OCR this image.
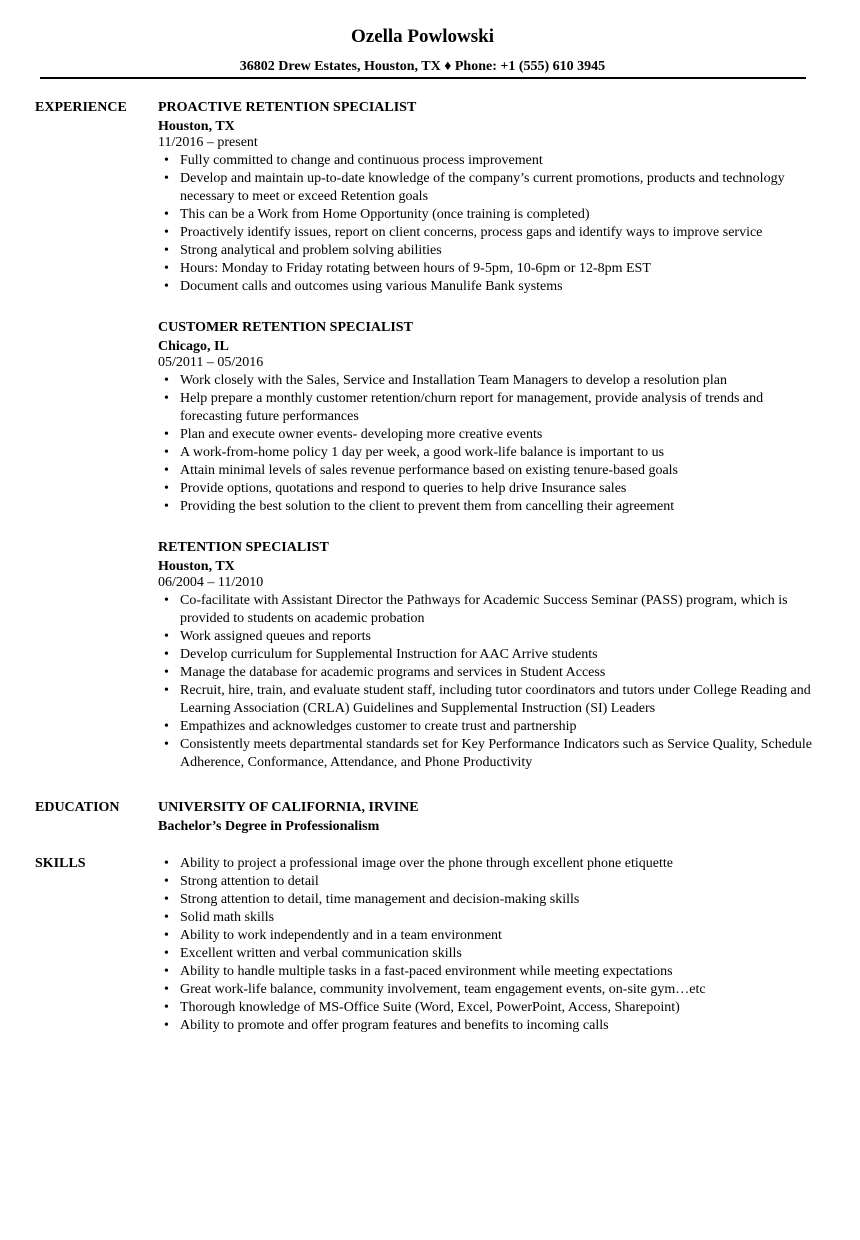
Ozella Powlowski
36802 Drew Estates, Houston, TX ♦ Phone: +1 (555) 610 3945
EXPERIENCE PROACTIVE RETENTION SPECIALIST
Houston, TX
11/2016 – present
• Fully committed to change and continuous process improvement
• Develop and maintain up-to-date knowledge of the company’s current promotions, products and technology necessary to meet or exceed Retention goals
• This can be a Work from Home Opportunity (once training is completed)
• Proactively identify issues, report on client concerns, process gaps and identify ways to improve service
• Strong analytical and problem solving abilities
• Hours: Monday to Friday rotating between hours of 9-5pm, 10-6pm or 12-8pm EST
• Document calls and outcomes using various Manulife Bank systems
CUSTOMER RETENTION SPECIALIST
Chicago, IL
05/2011 – 05/2016
• Work closely with the Sales, Service and Installation Team Managers to develop a resolution plan
• Help prepare a monthly customer retention/churn report for management, provide analysis of trends and forecasting future performances
• Plan and execute owner events- developing more creative events
• A work-from-home policy 1 day per week, a good work-life balance is important to us
• Attain minimal levels of sales revenue performance based on existing tenure-based goals
• Provide options, quotations and respond to queries to help drive Insurance sales
• Providing the best solution to the client to prevent them from cancelling their agreement
RETENTION SPECIALIST
Houston, TX
06/2004 – 11/2010
• Co-facilitate with Assistant Director the Pathways for Academic Success Seminar (PASS) program, which is provided to students on academic probation
• Work assigned queues and reports
• Develop curriculum for Supplemental Instruction for AAC Arrive students
• Manage the database for academic programs and services in Student Access
• Recruit, hire, train, and evaluate student staff, including tutor coordinators and tutors under College Reading and Learning Association (CRLA) Guidelines and Supplemental Instruction (SI) Leaders
• Empathizes and acknowledges customer to create trust and partnership
• Consistently meets departmental standards set for Key Performance Indicators such as Service Quality, Schedule Adherence, Conformance, Attendance, and Phone Productivity
EDUCATION	UNIVERSITY OF CALIFORNIA, IRVINE
Bachelor’s Degree in Professionalism
SKILLS
•	Ability to project a professional image over the phone through excellent phone etiquette
• Strong attention to detail
• Strong attention to detail, time management and decision-making skills
• Solid math skills
• Ability to work independently and in a team environment
• Excellent written and verbal communication skills
• Ability to handle multiple tasks in a fast-paced environment while meeting expectations
• Great work-life balance, community involvement, team engagement events, on-site gym…etc
• Thorough knowledge of MS-Office Suite (Word, Excel, PowerPoint, Access, Sharepoint)
• Ability to promote and offer program features and benefits to incoming calls
